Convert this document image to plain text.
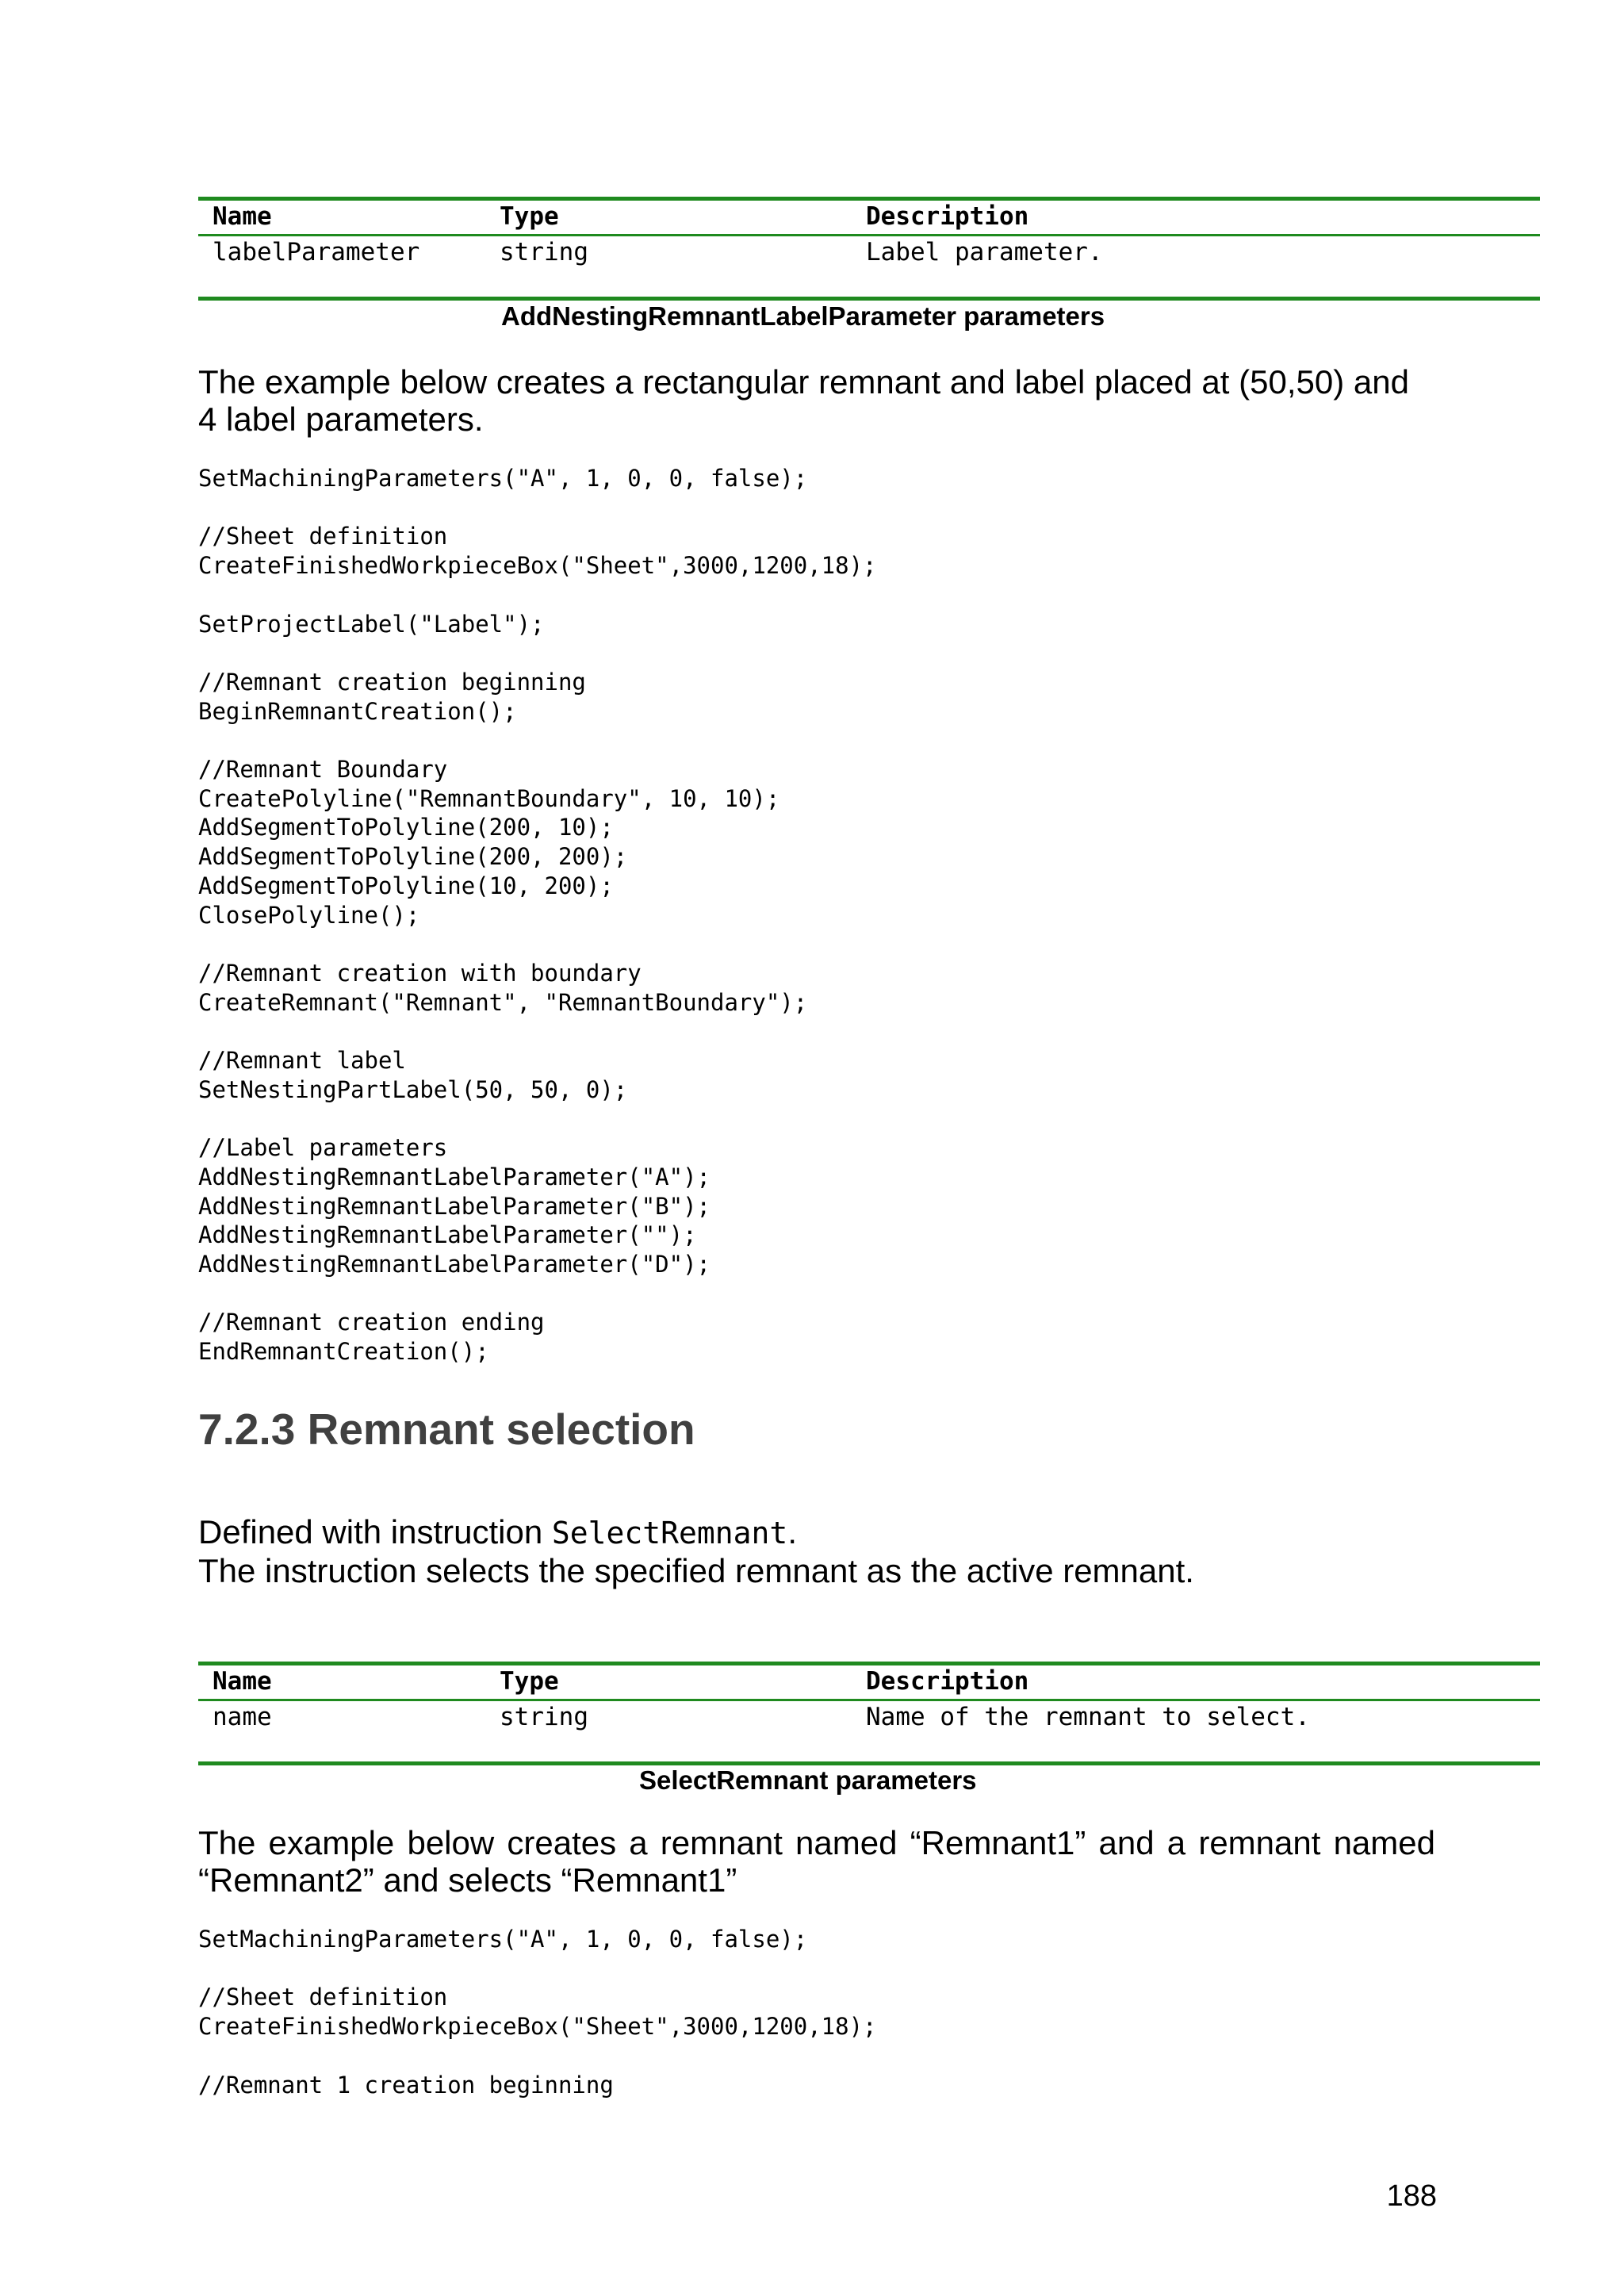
Name	Type	Description
labelParameter	string	Label parameter.
AddNestingRemnantLabelParameter parameters

The example below creates a rectangular remnant and label placed at (50,50) and 4 label parameters.

SetMachiningParameters("A", 1, 0, 0, false);

//Sheet definition
CreateFinishedWorkpieceBox("Sheet",3000,1200,18);

SetProjectLabel("Label");

//Remnant creation beginning
BeginRemnantCreation();

//Remnant Boundary
CreatePolyline("RemnantBoundary", 10, 10);
AddSegmentToPolyline(200, 10);
AddSegmentToPolyline(200, 200);
AddSegmentToPolyline(10, 200);
ClosePolyline();

//Remnant creation with boundary
CreateRemnant("Remnant", "RemnantBoundary");

//Remnant label
SetNestingPartLabel(50, 50, 0);

//Label parameters
AddNestingRemnantLabelParameter("A");
AddNestingRemnantLabelParameter("B");
AddNestingRemnantLabelParameter("");
AddNestingRemnantLabelParameter("D");

//Remnant creation ending
EndRemnantCreation();
7.2.3 Remnant selection

Defined with instruction SelectRemnant.

The instruction selects the specified remnant as the active remnant.

Name	Type	Description
name	string	Name of the remnant to select.
SelectRemnant parameters

The example below creates a remnant named “Remnant1” and a remnant named “Remnant2” and selects “Remnant1”

SetMachiningParameters("A", 1, 0, 0, false);

//Sheet definition
CreateFinishedWorkpieceBox("Sheet",3000,1200,18);

//Remnant 1 creation beginning
188
